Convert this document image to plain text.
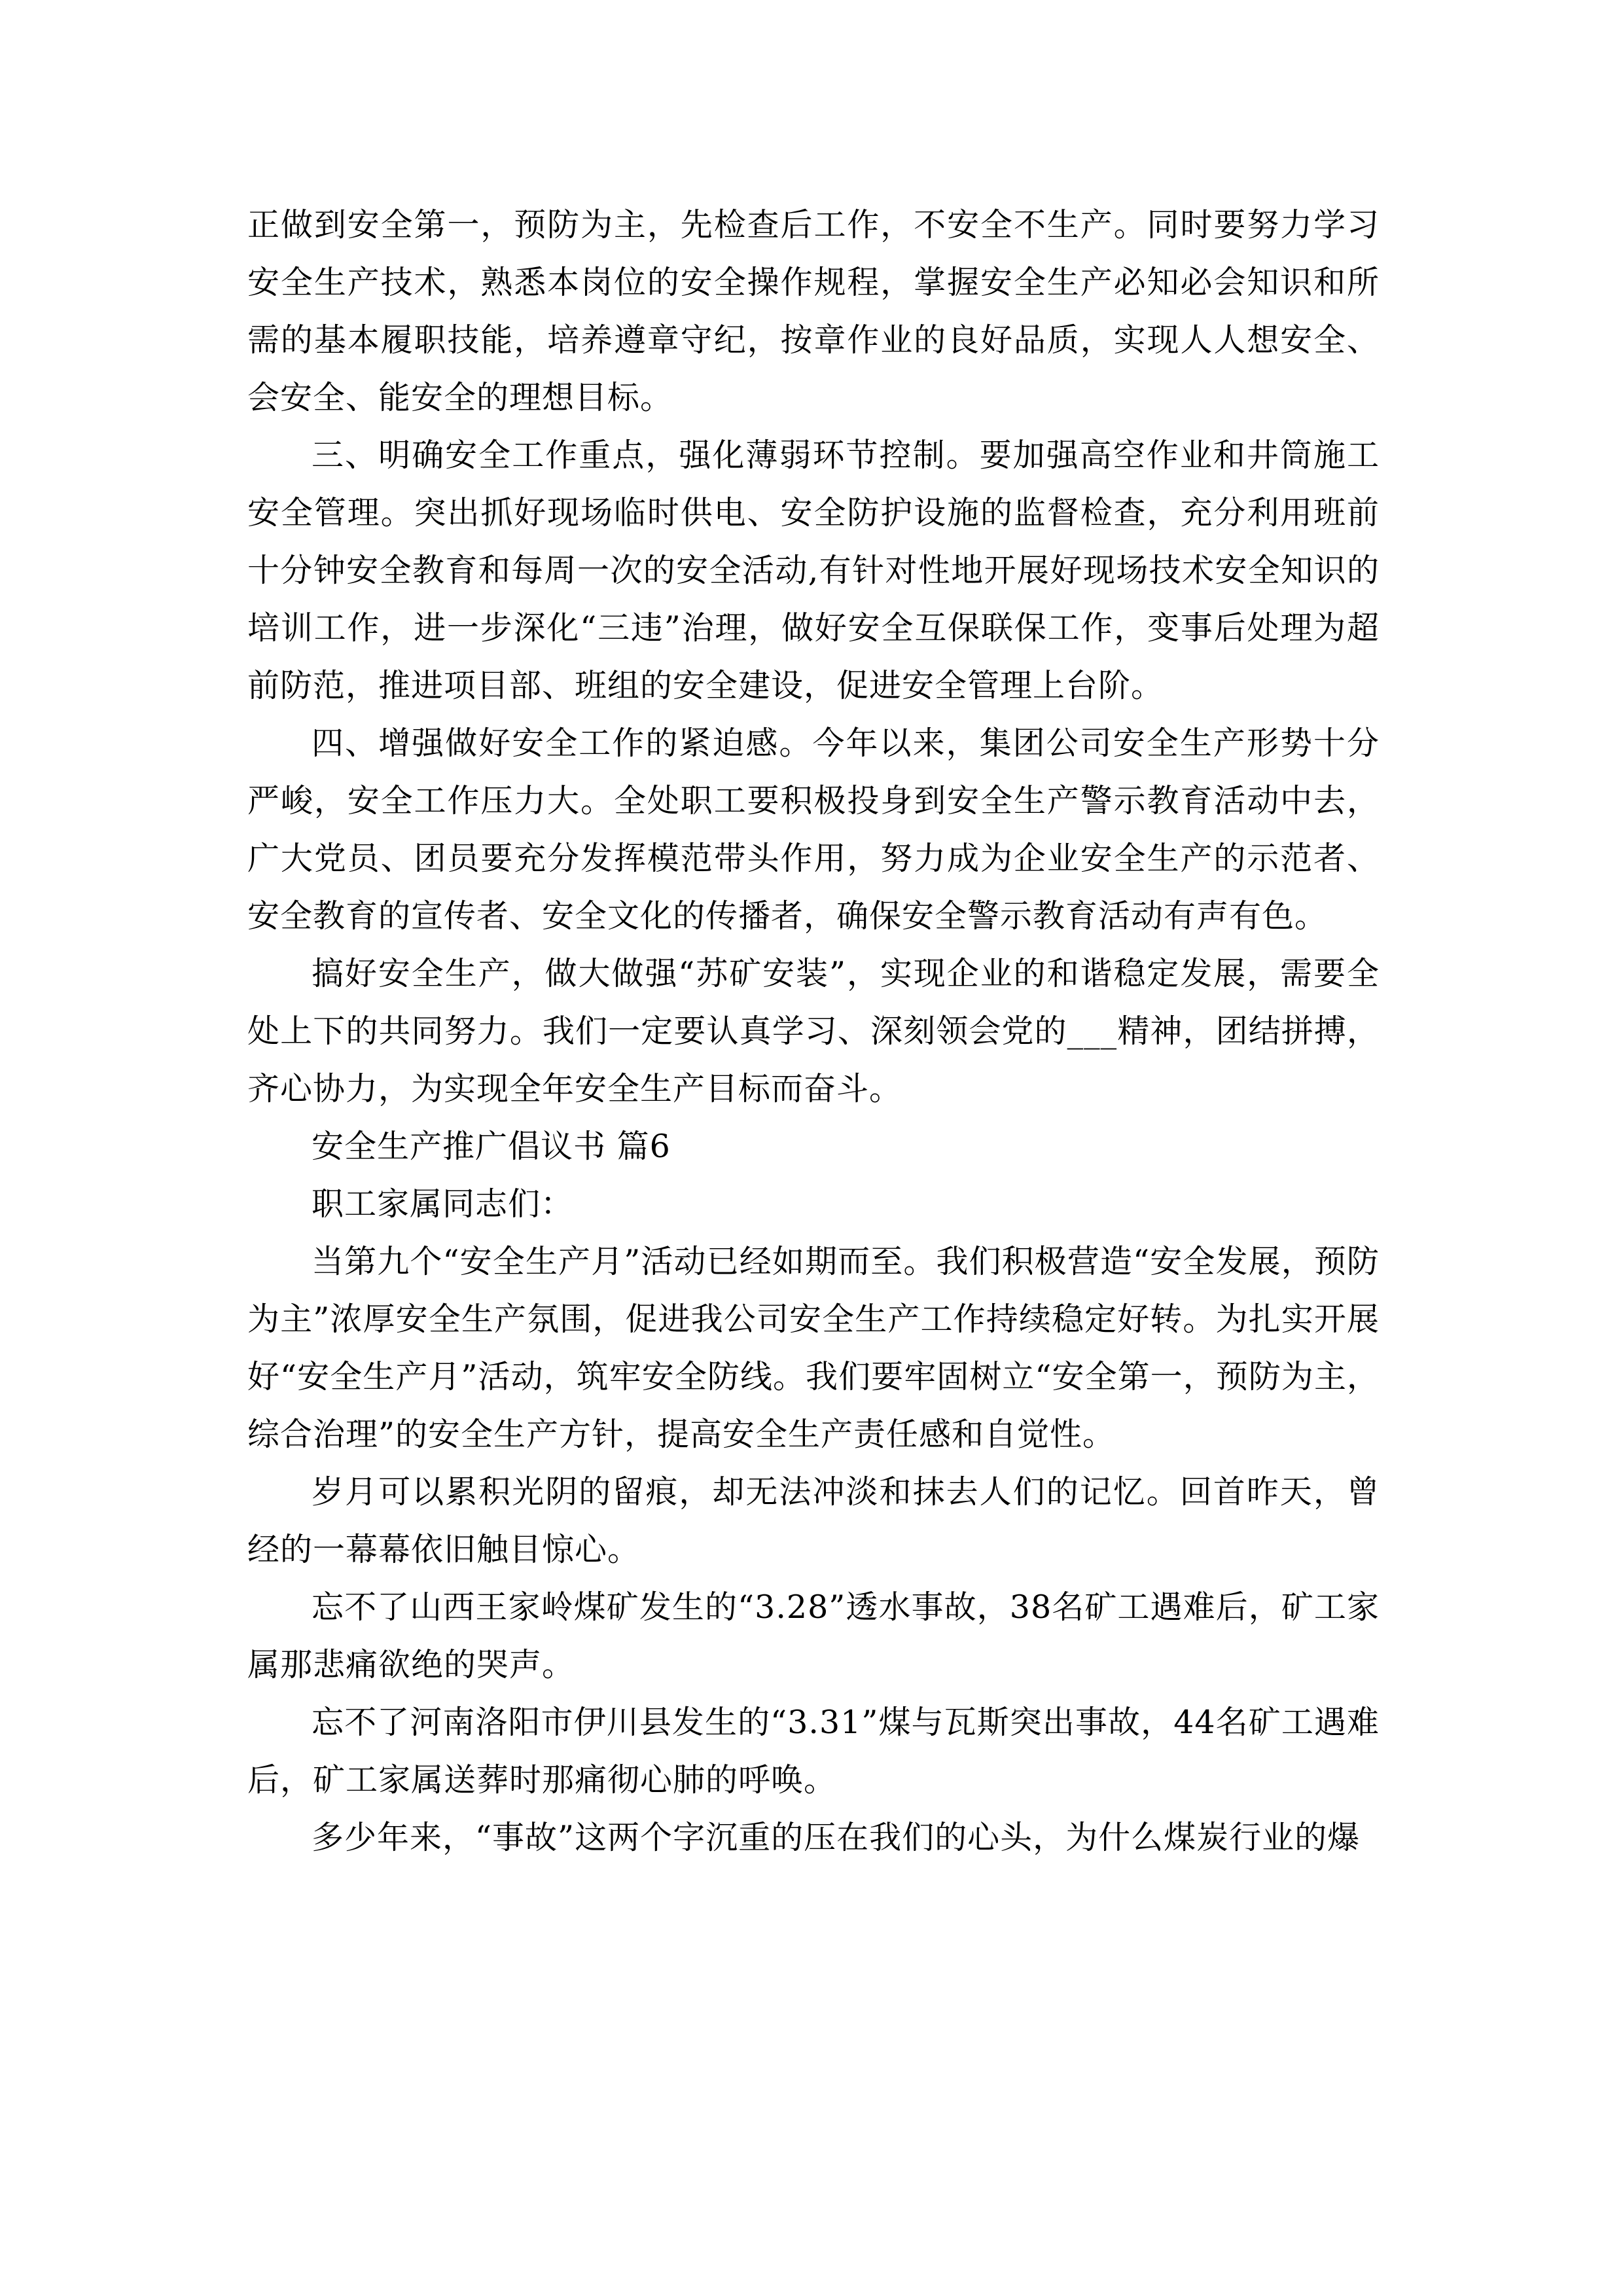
正做到安全第一，预防为主，先检查后工作，不安全不生产。同时要努力学习安全生产技术，熟悉本岗位的安全操作规程，掌握安全生产必知必会知识和所需的基本履职技能，培养遵章守纪，按章作业的良好品质，实现人人想安全、会安全、能安全的理想目标。

三、明确安全工作重点，强化薄弱环节控制。要加强高空作业和井筒施工安全管理。突出抓好现场临时供电、安全防护设施的监督检查，充分利用班前十分钟安全教育和每周一次的安全活动,有针对性地开展好现场技术安全知识的培训工作，进一步深化“三违”治理，做好安全互保联保工作，变事后处理为超前防范，推进项目部、班组的安全建设，促进安全管理上台阶。

四、增强做好安全工作的紧迫感。今年以来，集团公司安全生产形势十分严峻，安全工作压力大。全处职工要积极投身到安全生产警示教育活动中去，广大党员、团员要充分发挥模范带头作用，努力成为企业安全生产的示范者、安全教育的宣传者、安全文化的传播者，确保安全警示教育活动有声有色。

搞好安全生产，做大做强“苏矿安装”，实现企业的和谐稳定发展，需要全处上下的共同努力。我们一定要认真学习、深刻领会党的___精神，团结拼搏，齐心协力，为实现全年安全生产目标而奋斗。

安全生产推广倡议书 篇6

职工家属同志们：

当第九个“安全生产月”活动已经如期而至。我们积极营造“安全发展，预防为主”浓厚安全生产氛围，促进我公司安全生产工作持续稳定好转。为扎实开展好“安全生产月”活动，筑牢安全防线。我们要牢固树立“安全第一，预防为主，综合治理”的安全生产方针，提高安全生产责任感和自觉性。

岁月可以累积光阴的留痕，却无法冲淡和抹去人们的记忆。回首昨天，曾经的一幕幕依旧触目惊心。

忘不了山西王家岭煤矿发生的“3.28”透水事故，38名矿工遇难后，矿工家属那悲痛欲绝的哭声。

忘不了河南洛阳市伊川县发生的“3.31”煤与瓦斯突出事故，44名矿工遇难后，矿工家属送葬时那痛彻心肺的呼唤。

多少年来，“事故”这两个字沉重的压在我们的心头，为什么煤炭行业的爆
